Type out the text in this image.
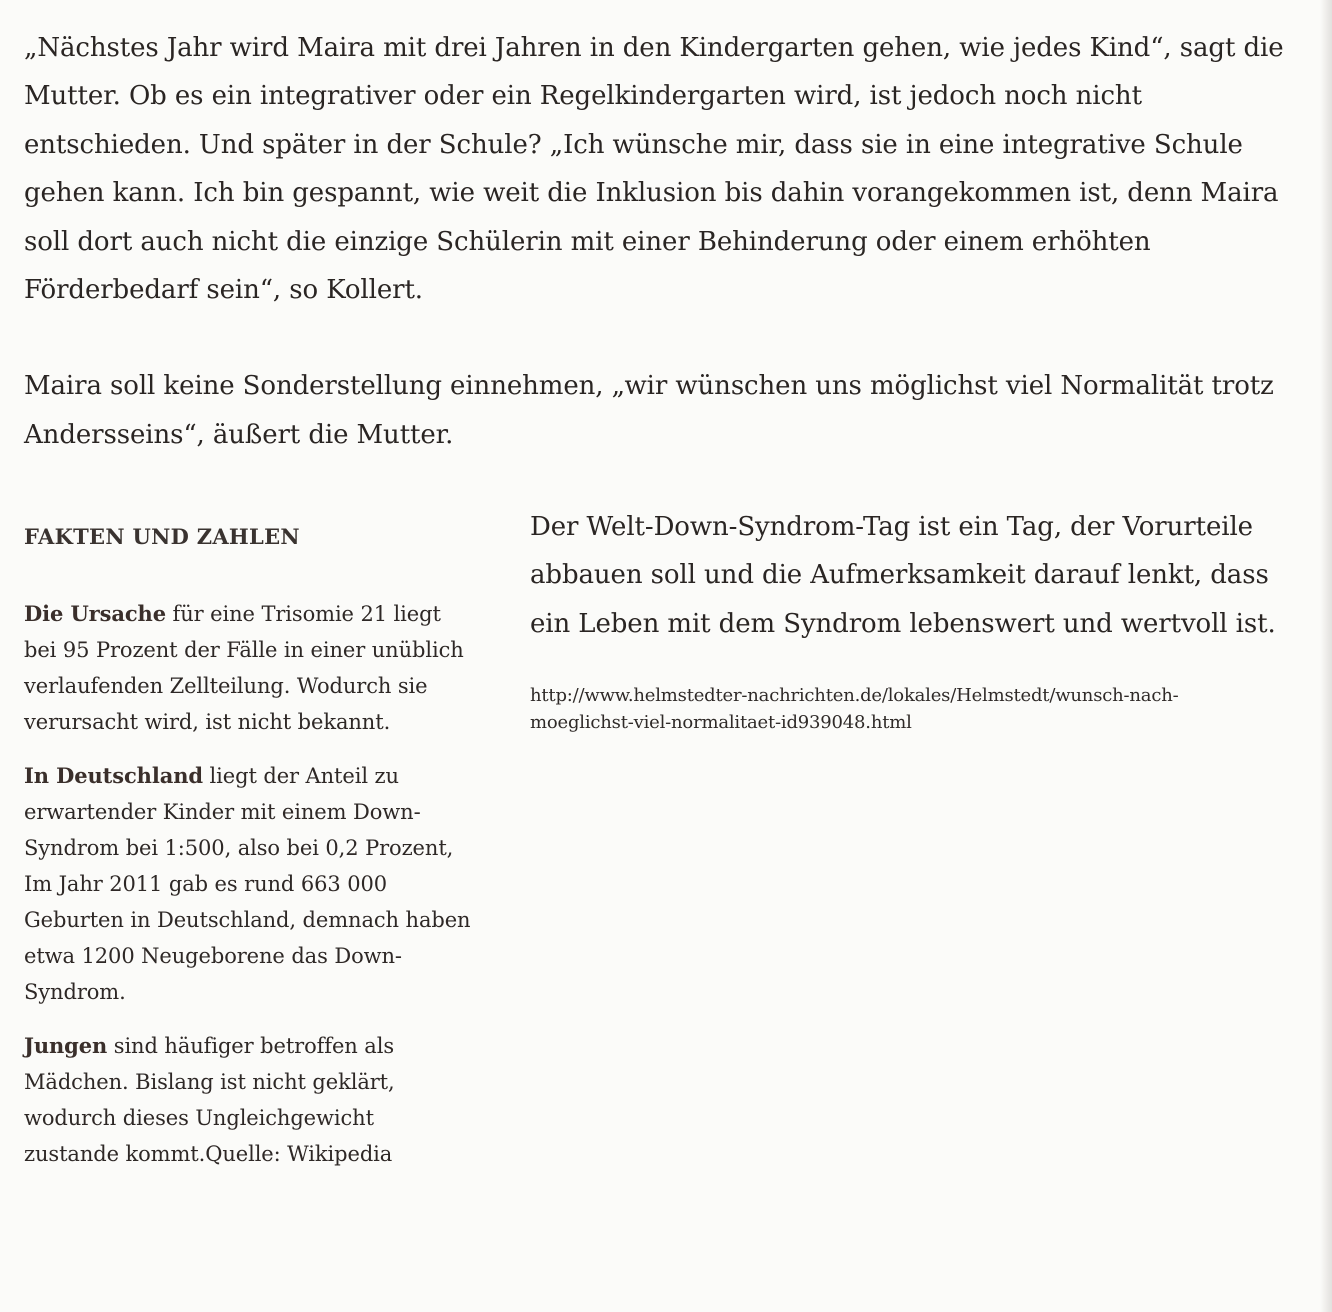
„Nächstes Jahr wird Maira mit drei Jahren in den Kindergarten gehen, wie jedes Kind“, sagt die Mutter. Ob es ein integrativer oder ein Regelkindergarten wird, ist jedoch noch nicht entschieden. Und später in der Schule? „Ich wünsche mir, dass sie in eine integrative Schule gehen kann. Ich bin gespannt, wie weit die Inklusion bis dahin vorangekommen ist, denn Maira soll dort auch nicht die einzige Schülerin mit einer Behinderung oder einem erhöhten Förderbedarf sein“, so Kollert.

Maira soll keine Sonderstellung einnehmen, „wir wünschen uns möglichst viel Normalität trotz Andersseins“, äußert die Mutter.

FAKTEN UND ZAHLEN

Die Ursache für eine Trisomie 21 liegt bei 95 Prozent der Fälle in einer unüblich verlaufenden Zellteilung. Wodurch sie verursacht wird, ist nicht bekannt.

In Deutschland liegt der Anteil zu erwartender Kinder mit einem Down-Syndrom bei 1:500, also bei 0,2 Prozent, Im Jahr 2011 gab es rund 663 000 Geburten in Deutschland, demnach haben etwa 1200 Neugeborene das Down-Syndrom.

Jungen sind häufiger betroffen als Mädchen. Bislang ist nicht geklärt, wodurch dieses Ungleichgewicht zustande kommt.Quelle: Wikipedia

Der Welt-Down-Syndrom-Tag ist ein Tag, der Vorurteile abbauen soll und die Aufmerksamkeit darauf lenkt, dass ein Leben mit dem Syndrom lebenswert und wertvoll ist.

http://www.helmstedter-nachrichten.de/lokales/Helmstedt/wunsch-nach-moeglichst-viel-normalitaet-id939048.html
